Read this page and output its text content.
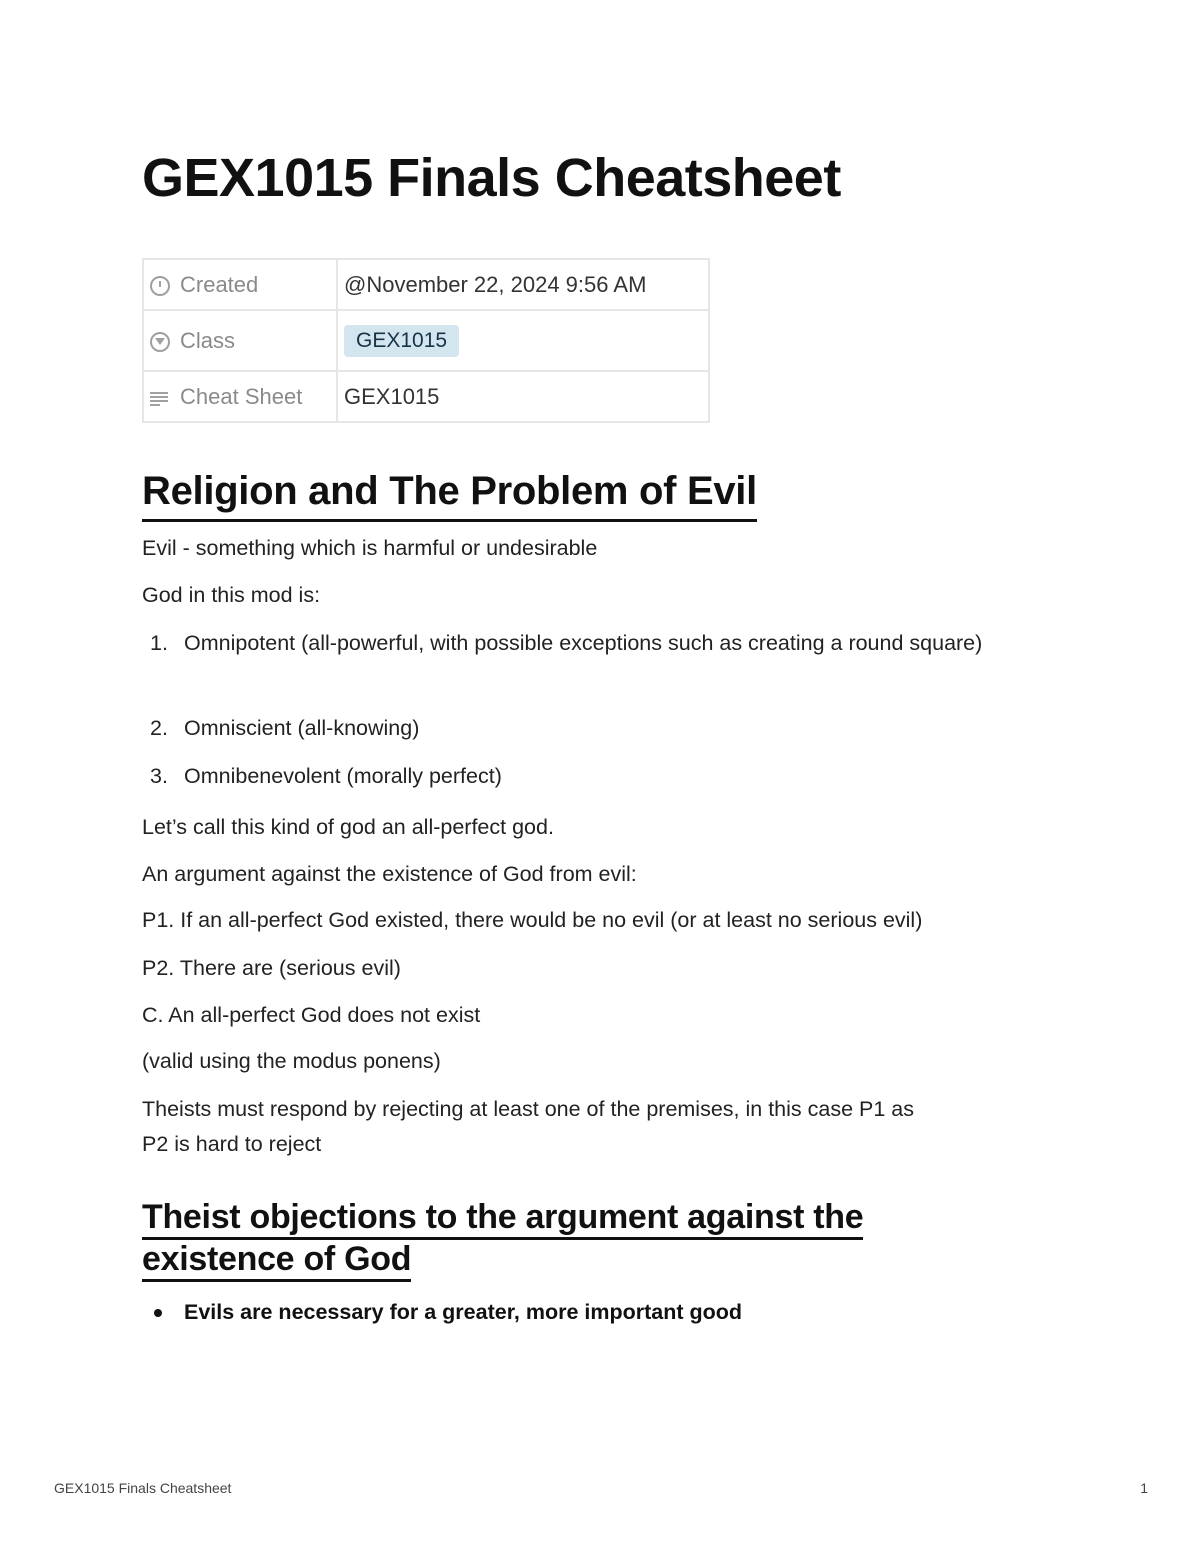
GEX1015 Finals Cheatsheet
Created	@November 22, 2024 9:56 AM
Class	GEX1015

Cheat Sheet	GEX1015
Religion and The Problem of Evil

Evil - something which is harmful or undesirable

God in this mod is:

1. Omnipotent (all-powerful, with possible exceptions such as creating a round square)
2. Omniscient (all-knowing)
3. Omnibenevolent (morally perfect)

Let’s call this kind of god an all-perfect god.

An argument against the existence of God from evil:

P1. If an all-perfect God existed, there would be no evil (or at least no serious evil)

P2. There are (serious evil)

C. An all-perfect God does not exist

(valid using the modus ponens)

Theists must respond by rejecting at least one of the premises, in this case P1 as

P2 is hard to reject

Theist objections to the argument against the
existence of God
Evils are necessary for a greater, more important good
GEX1015 Finals Cheatsheet	1
